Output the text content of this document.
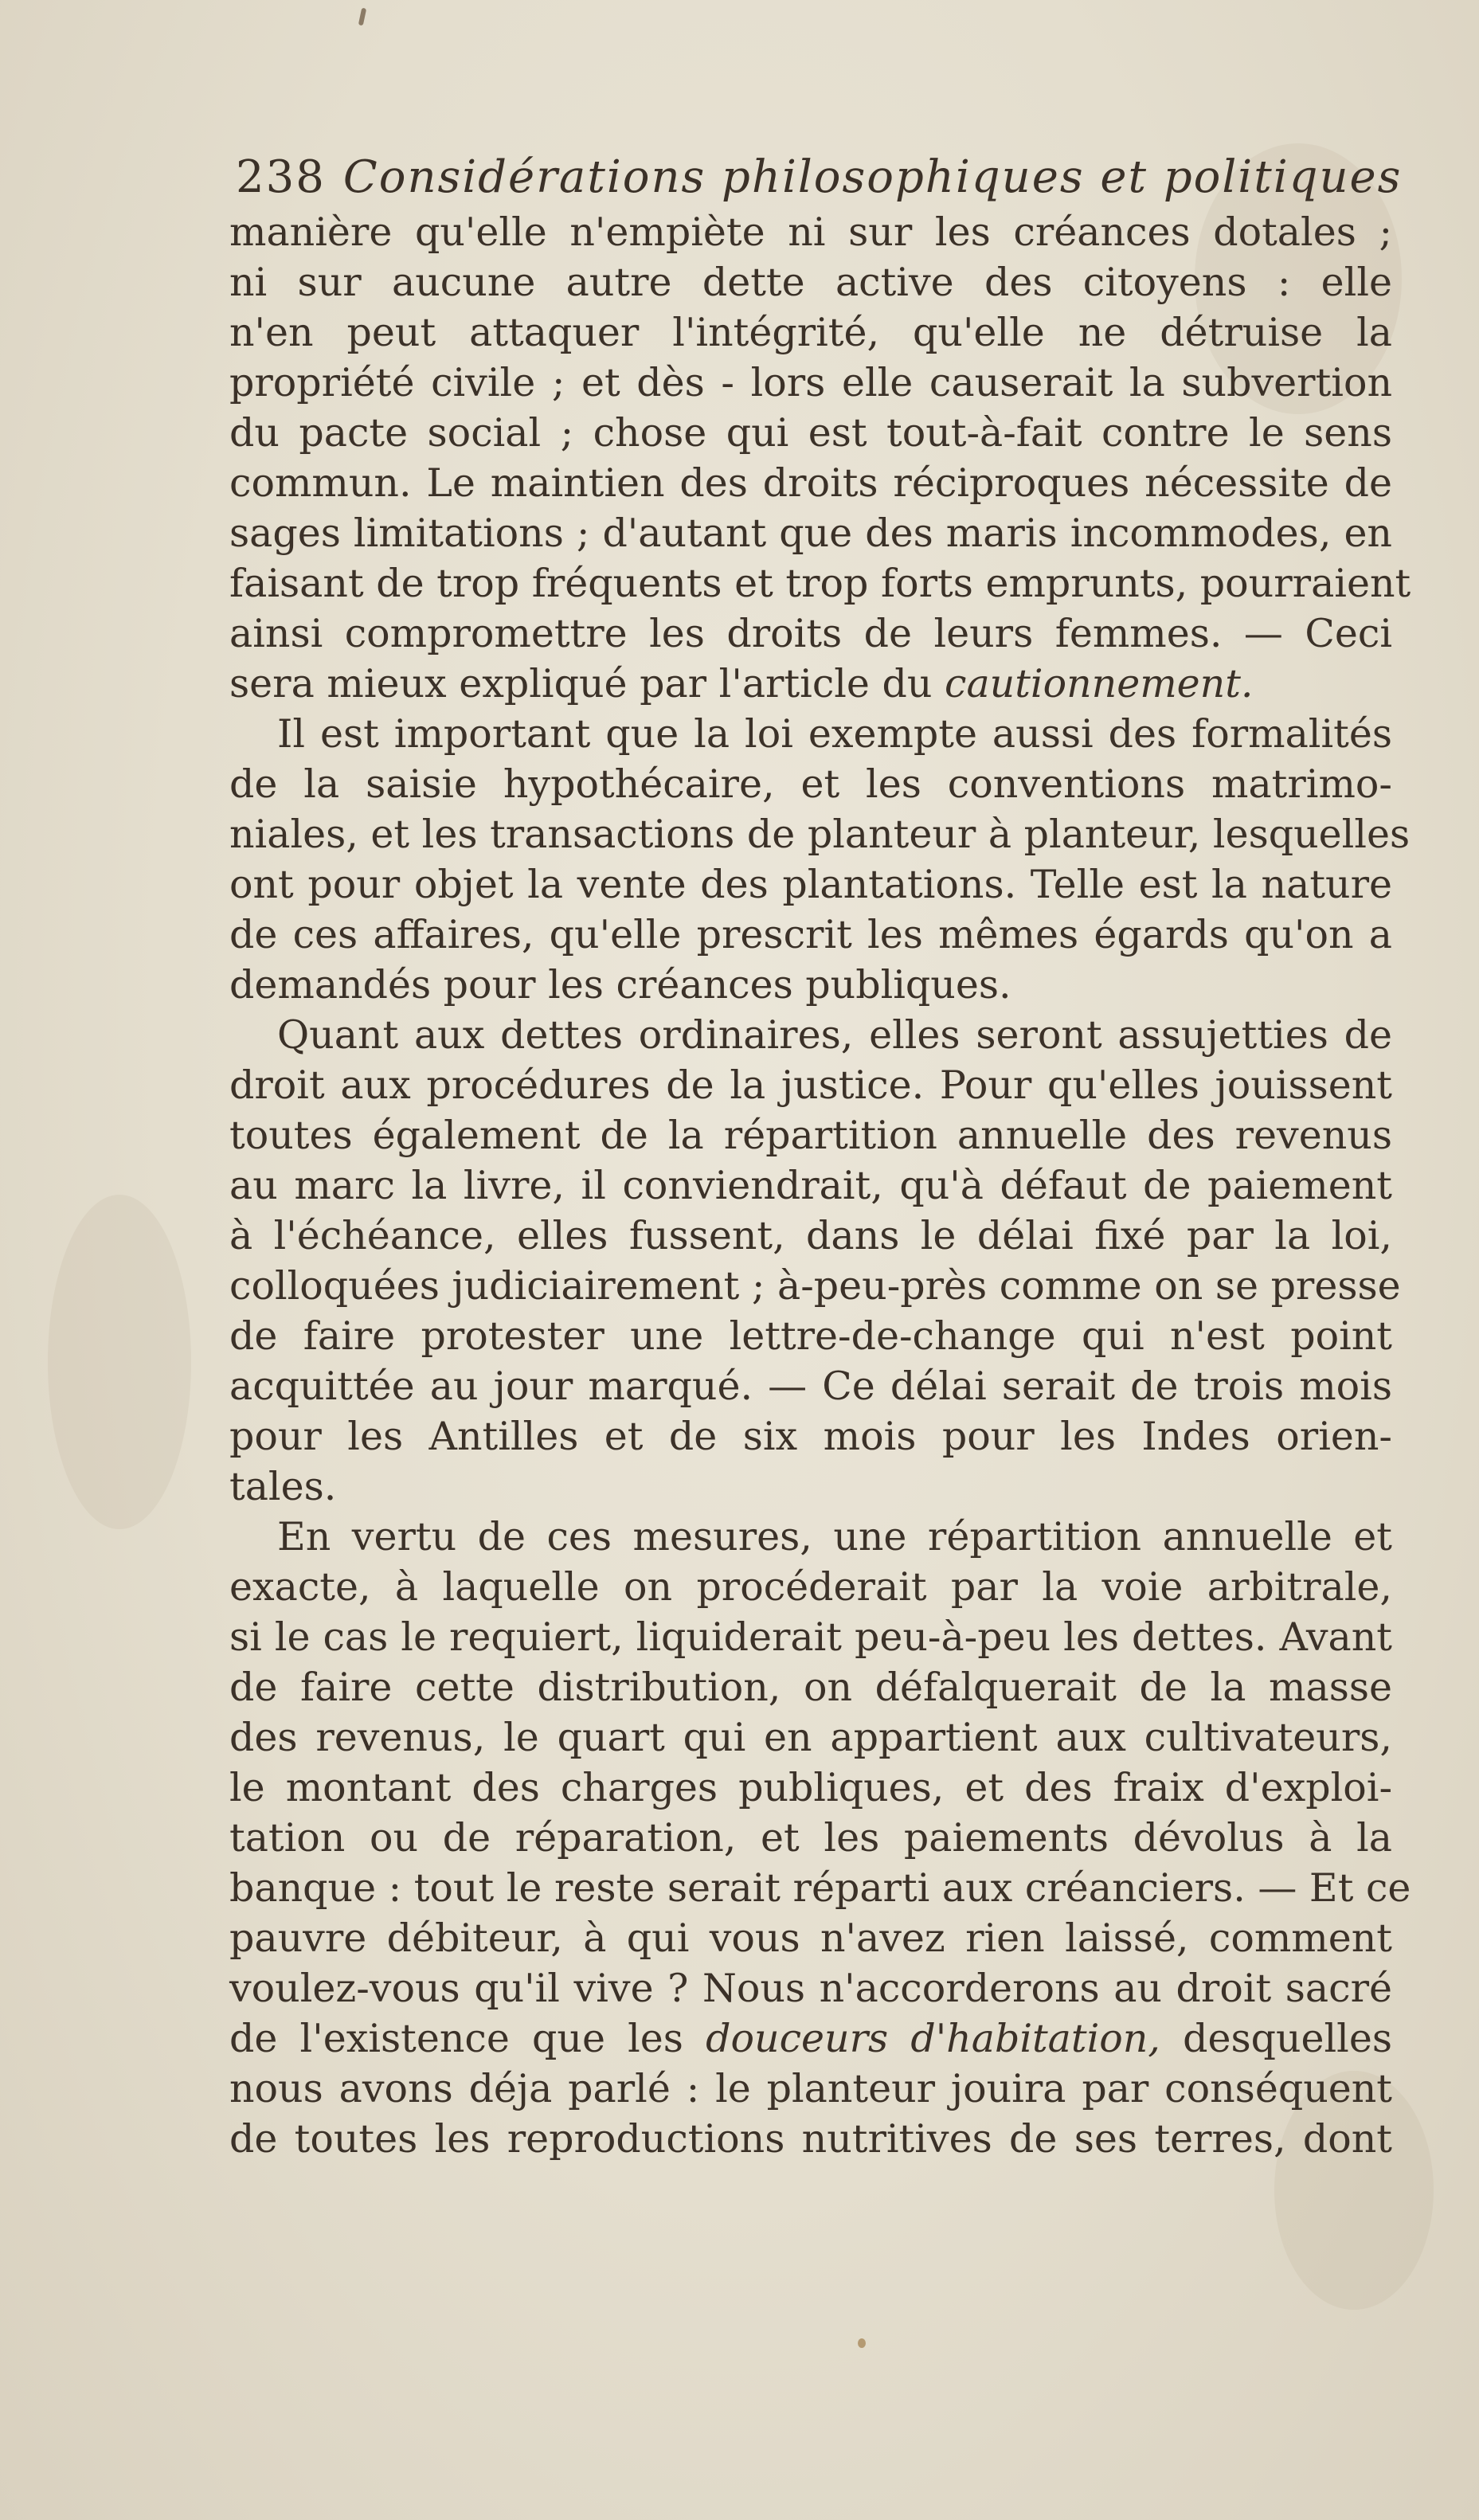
238 Considérations philosophiques et politiques
manière qu'elle n'empiète ni sur les créances dotales ;
ni sur aucune autre dette active des citoyens : elle
n'en peut attaquer l'intégrité, qu'elle ne détruise la
propriété civile ; et dès - lors elle causerait la subvertion
du pacte social ; chose qui est tout-à-fait contre le sens
commun. Le maintien des droits réciproques nécessite de
sages limitations ; d'autant que des maris incommodes, en
faisant de trop fréquents et trop forts emprunts, pourraient
ainsi compromettre les droits de leurs femmes. — Ceci
sera mieux expliqué par l'article du cautionnement.
Il est important que la loi exempte aussi des formalités
de la saisie hypothécaire, et les conventions matrimo-
niales, et les transactions de planteur à planteur, lesquelles
ont pour objet la vente des plantations. Telle est la nature
de ces affaires, qu'elle prescrit les mêmes égards qu'on a
demandés pour les créances publiques.
Quant aux dettes ordinaires, elles seront assujetties de
droit aux procédures de la justice. Pour qu'elles jouissent
toutes également de la répartition annuelle des revenus
au marc la livre, il conviendrait, qu'à défaut de paiement
à l'échéance, elles fussent, dans le délai fixé par la loi,
colloquées judiciairement ; à-peu-près comme on se presse
de faire protester une lettre-de-change qui n'est point
acquittée au jour marqué. — Ce délai serait de trois mois
pour les Antilles et de six mois pour les Indes orien-
tales.
En vertu de ces mesures, une répartition annuelle et
exacte, à laquelle on procéderait par la voie arbitrale,
si le cas le requiert, liquiderait peu-à-peu les dettes. Avant
de faire cette distribution, on défalquerait de la masse
des revenus, le quart qui en appartient aux cultivateurs,
le montant des charges publiques, et des fraix d'exploi-
tation ou de réparation, et les paiements dévolus à la
banque : tout le reste serait réparti aux créanciers. — Et ce
pauvre débiteur, à qui vous n'avez rien laissé, comment
voulez-vous qu'il vive ? Nous n'accorderons au droit sacré
de l'existence que les douceurs d'habitation, desquelles
nous avons déja parlé : le planteur jouira par conséquent
de toutes les reproductions nutritives de ses terres, dont
